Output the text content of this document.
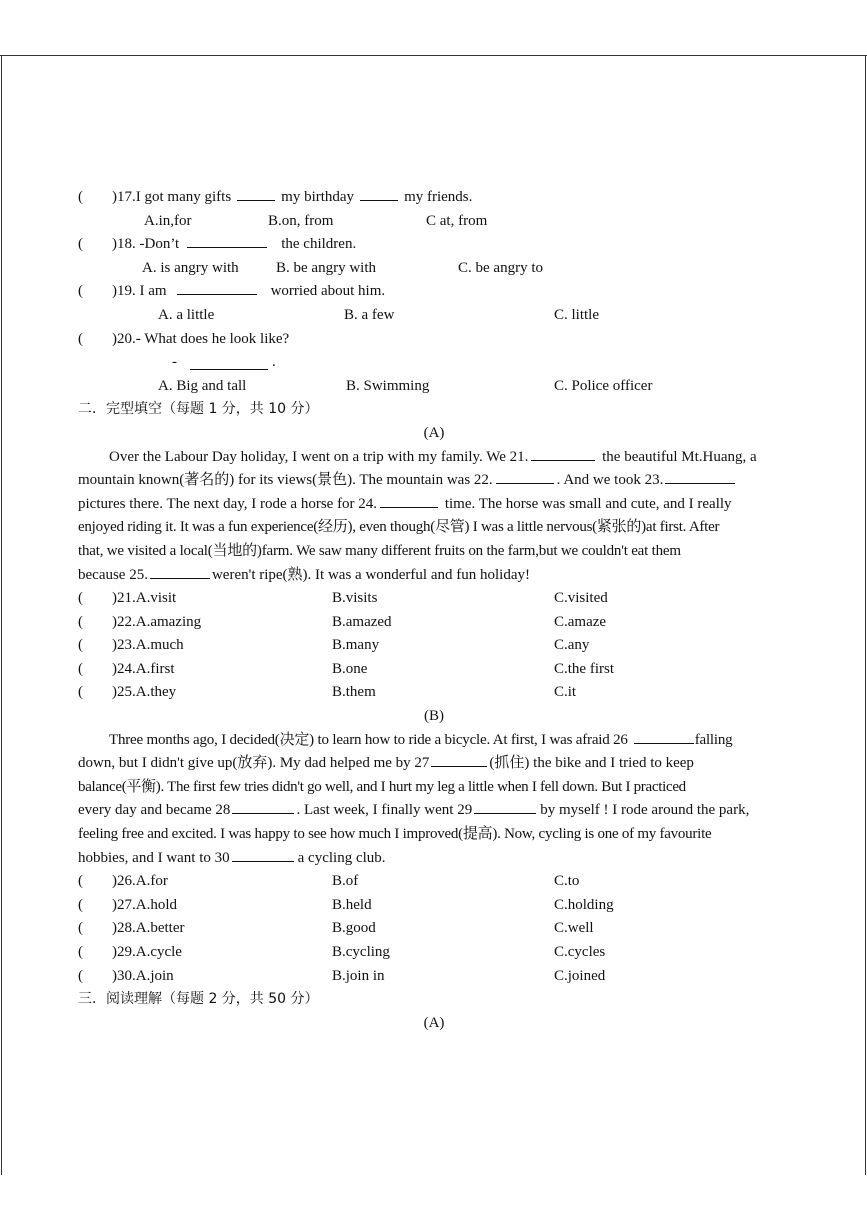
(	)17.I got many gifts	my birthday	my friends.
A.in,for	B.on, from	C at, from
(	)18. -Don’t	the children.
A. is angry with B. be angry with	C. be angry to
(	)19. I am	worried about him.
A. a little	B. a few	C. little
(	)20.- What does he look like?
-	.
A. Big and tall	B. Swimming	C. Police officer
二．完型填空（每题 1 分，共 10 分）
(A)
Over the Labour Day holiday, I went on a trip with my family. We 21.	the beautiful Mt.Huang, a
mountain known(著名的) for its views(景色). The mountain was 22.	. And we took 23.
pictures there. The next day, I rode a horse for 24.	time. The horse was small and cute, and I really
enjoyed riding it. It was a fun experience(经历), even though(尽管) I was a little nervous(紧张的)at first. After
that, we visited a local(当地的)farm. We saw many different fruits on the farm,but we couldn't eat them
because 25.	weren't ripe(熟). It was a wonderful and fun holiday!
(	)21.A.visit	B.visits	C.visited
(	)22.A.amazing	B.amazed	C.amaze
(	)23.A.much	B.many	C.any
(	)24.A.first	B.one	C.the first
(	)25.A.they	B.them	C.it
(B)
Three months ago, I decided(决定) to learn how to ride a bicycle. At first, I was afraid 26	falling
down, but I didn't give up(放弃). My dad helped me by 27	(抓住) the bike and I tried to keep
balance(平衡). The first few tries didn't go well, and I hurt my leg a little when I fell down. But I practiced
every day and became 28	. Last week, I finally went 29	by myself ! I rode around the park,
feeling free and excited. I was happy to see how much I improved(提高). Now, cycling is one of my favourite
hobbies, and I want to 30	a cycling club.
(	)26.A.for	B.of	C.to
(	)27.A.hold	B.held	C.holding
(	)28.A.better	B.good	C.well
(	)29.A.cycle	B.cycling	C.cycles
(	)30.A.join	B.join in	C.joined
三．阅读理解（每题 2 分，共 50 分）
(A)
